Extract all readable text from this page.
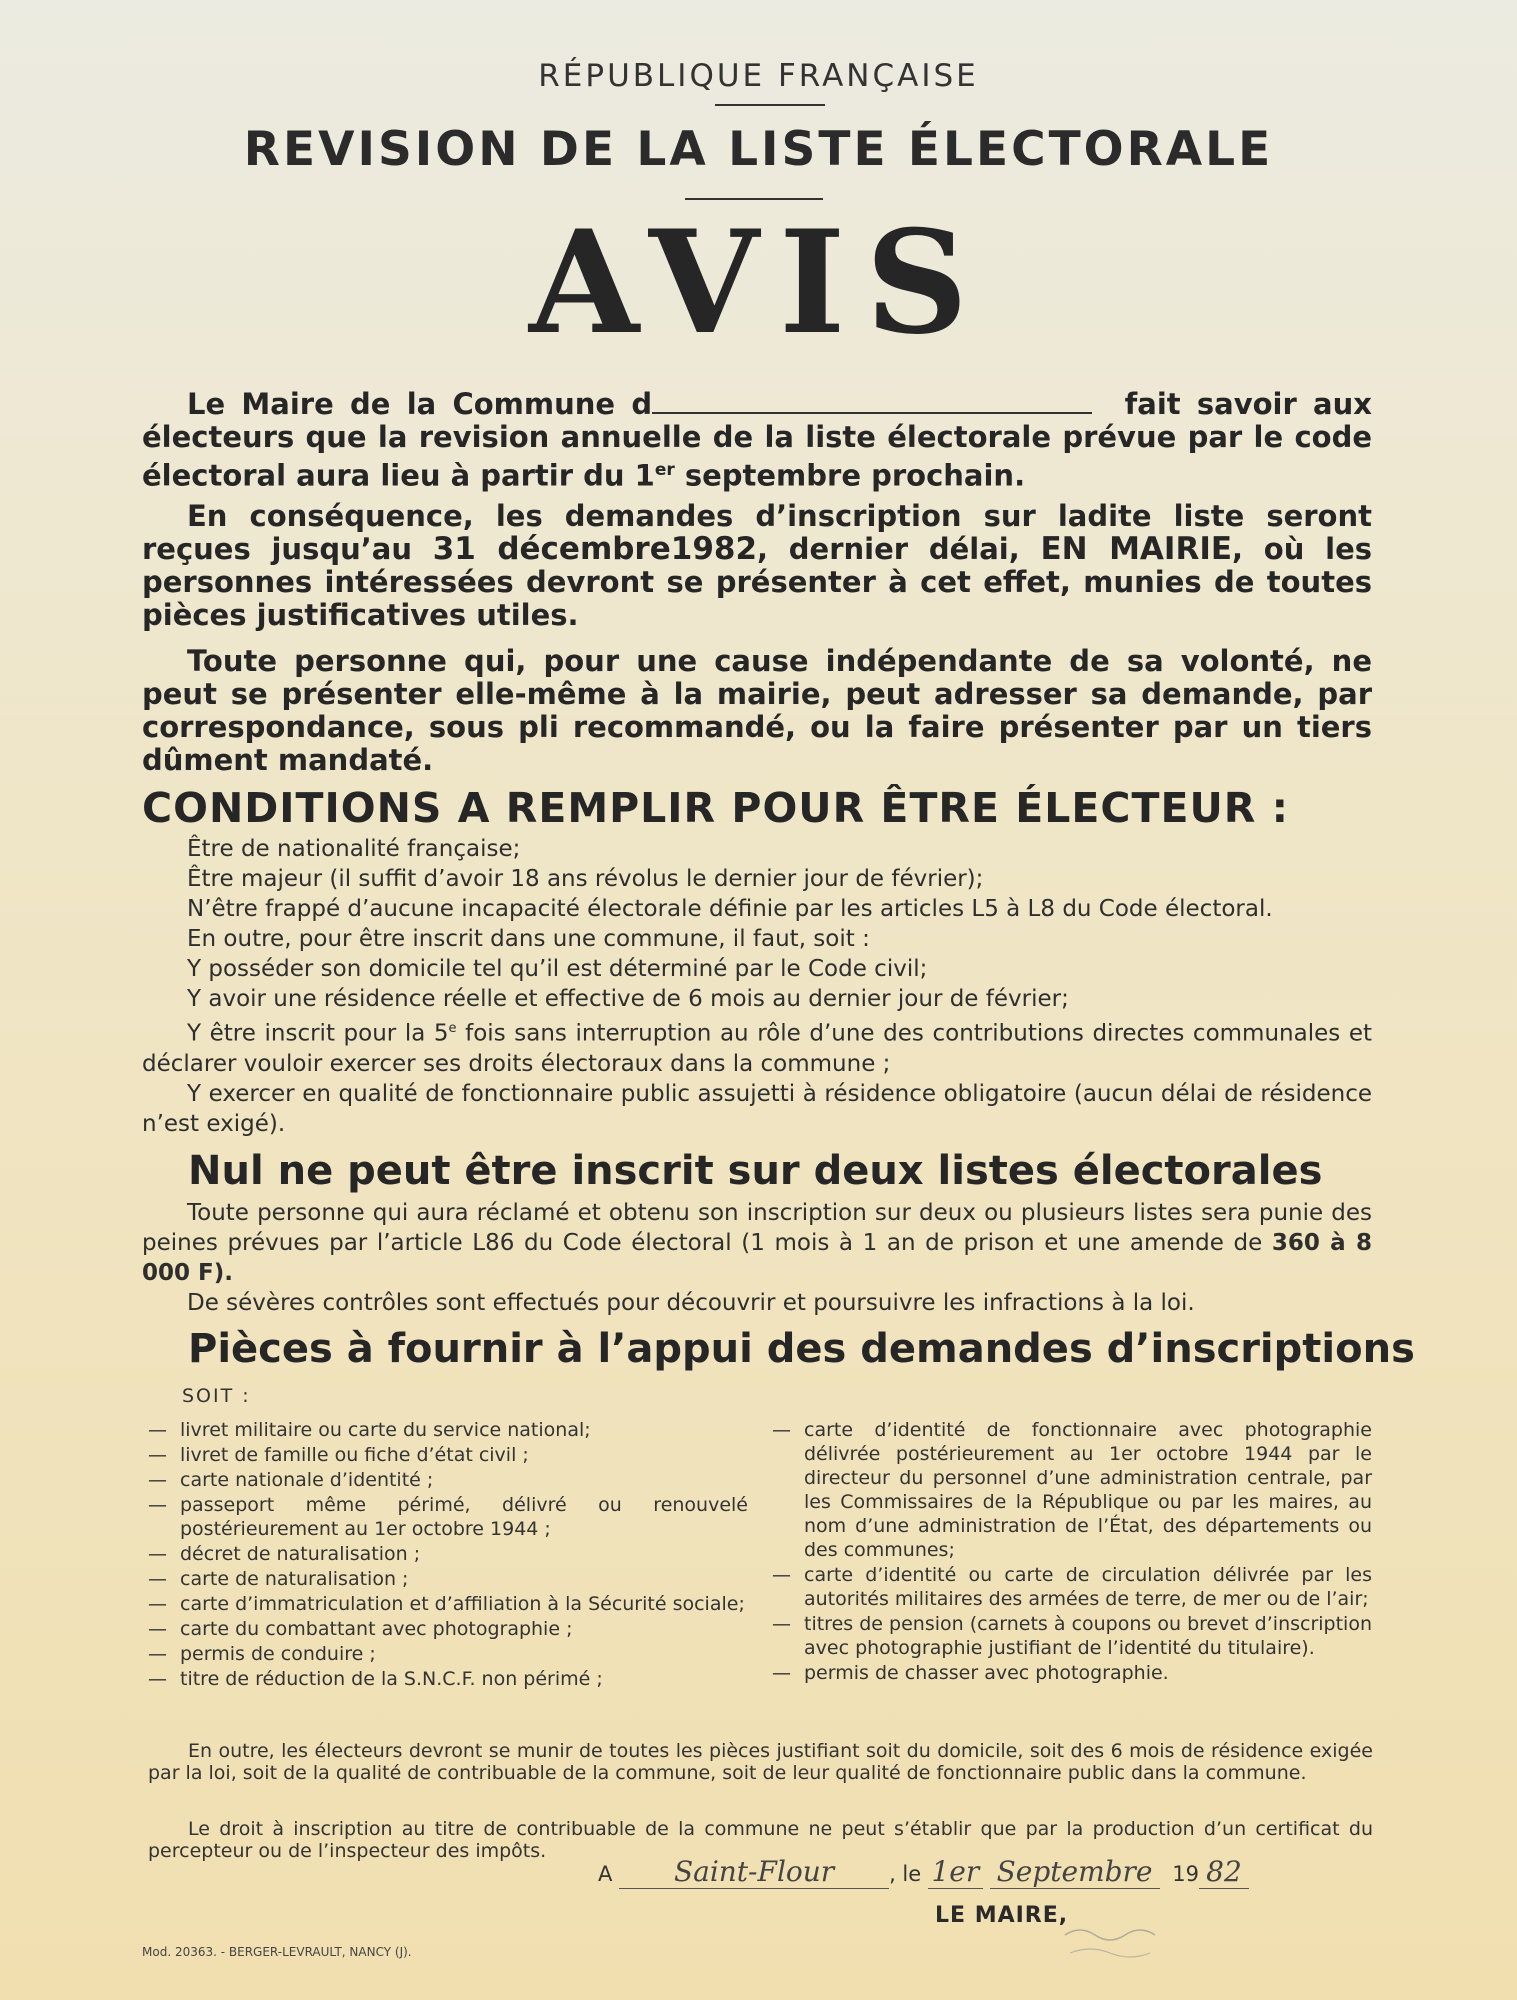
RÉPUBLIQUE FRANÇAISE
REVISION DE LA LISTE ÉLECTORALE
AVIS
Le Maire de la Commune d	fait savoir aux électeurs que la revision annuelle de la liste électorale prévue par le code électoral aura lieu à partir du 1er septembre prochain.
En conséquence, les demandes d’inscription sur ladite liste seront reçues jusqu’au 31 décembre1982, dernier délai, EN MAIRIE, où les personnes intéressées devront se présenter à cet effet, munies de toutes pièces justificatives utiles.
Toute personne qui, pour une cause indépendante de sa volonté, ne peut se présenter elle-même à la mairie, peut adresser sa demande, par correspondance, sous pli recommandé, ou la faire présenter par un tiers dûment mandaté.
CONDITIONS A REMPLIR POUR ÊTRE ÉLECTEUR :

Être de nationalité française;

Être majeur (il suffit d’avoir 18 ans révolus le dernier jour de février);

N’être frappé d’aucune incapacité électorale définie par les articles L5 à L8 du Code électoral.

En outre, pour être inscrit dans une commune, il faut, soit :

Y posséder son domicile tel qu’il est déterminé par le Code civil;

Y avoir une résidence réelle et effective de 6 mois au dernier jour de février;

Y être inscrit pour la 5e fois sans interruption au rôle d’une des contributions directes communales et déclarer vouloir exercer ses droits électoraux dans la commune ;

Y exercer en qualité de fonctionnaire public assujetti à résidence obligatoire (aucun délai de résidence n’est exigé).

Nul ne peut être inscrit sur deux listes électorales

Toute personne qui aura réclamé et obtenu son inscription sur deux ou plusieurs listes sera punie des peines prévues par l’article L86 du Code électoral (1 mois à 1 an de prison et une amende de 360 à 8 000 F).

De sévères contrôles sont effectués pour découvrir et poursuivre les infractions à la loi.

Pièces à fournir à l’appui des demandes d’inscriptions
SOIT :
— livret militaire ou carte du service national;
— livret de famille ou fiche d’état civil ;
— carte nationale d’identité ;
— passeport même périmé, délivré ou renouvelé postérieurement au 1er octobre 1944 ;
— décret de naturalisation ;
— carte de naturalisation ;
— carte d’immatriculation et d’affiliation à la Sécurité sociale;
— carte du combattant avec photographie ;
— permis de conduire ;
— titre de réduction de la S.N.C.F. non périmé ;
— carte d’identité de fonctionnaire avec photographie délivrée postérieurement au 1er octobre 1944 par le directeur du personnel d’une administration centrale, par les Commissaires de la République ou par les maires, au nom d’une administration de l’État, des départements ou des communes;
— carte d’identité ou carte de circulation délivrée par les autorités militaires des armées de terre, de mer ou de l’air;
— titres de pension (carnets à coupons ou brevet d’inscription avec photographie justifiant de l’identité du titulaire).
— permis de chasser avec photographie.

En outre, les électeurs devront se munir de toutes les pièces justifiant soit du domicile, soit des 6 mois de résidence exigée par la loi, soit de la qualité de contribuable de la commune, soit de leur qualité de fonctionnaire public dans la commune.

Le droit à inscription au titre de contribuable de la commune ne peut s’établir que par la production d’un certificat du percepteur ou de l’inspecteur des impôts.

A Saint-Flour	, le 1er Septembre 19 82
LE MAIRE,
Mod. 20363. - BERGER-LEVRAULT, NANCY (J).
